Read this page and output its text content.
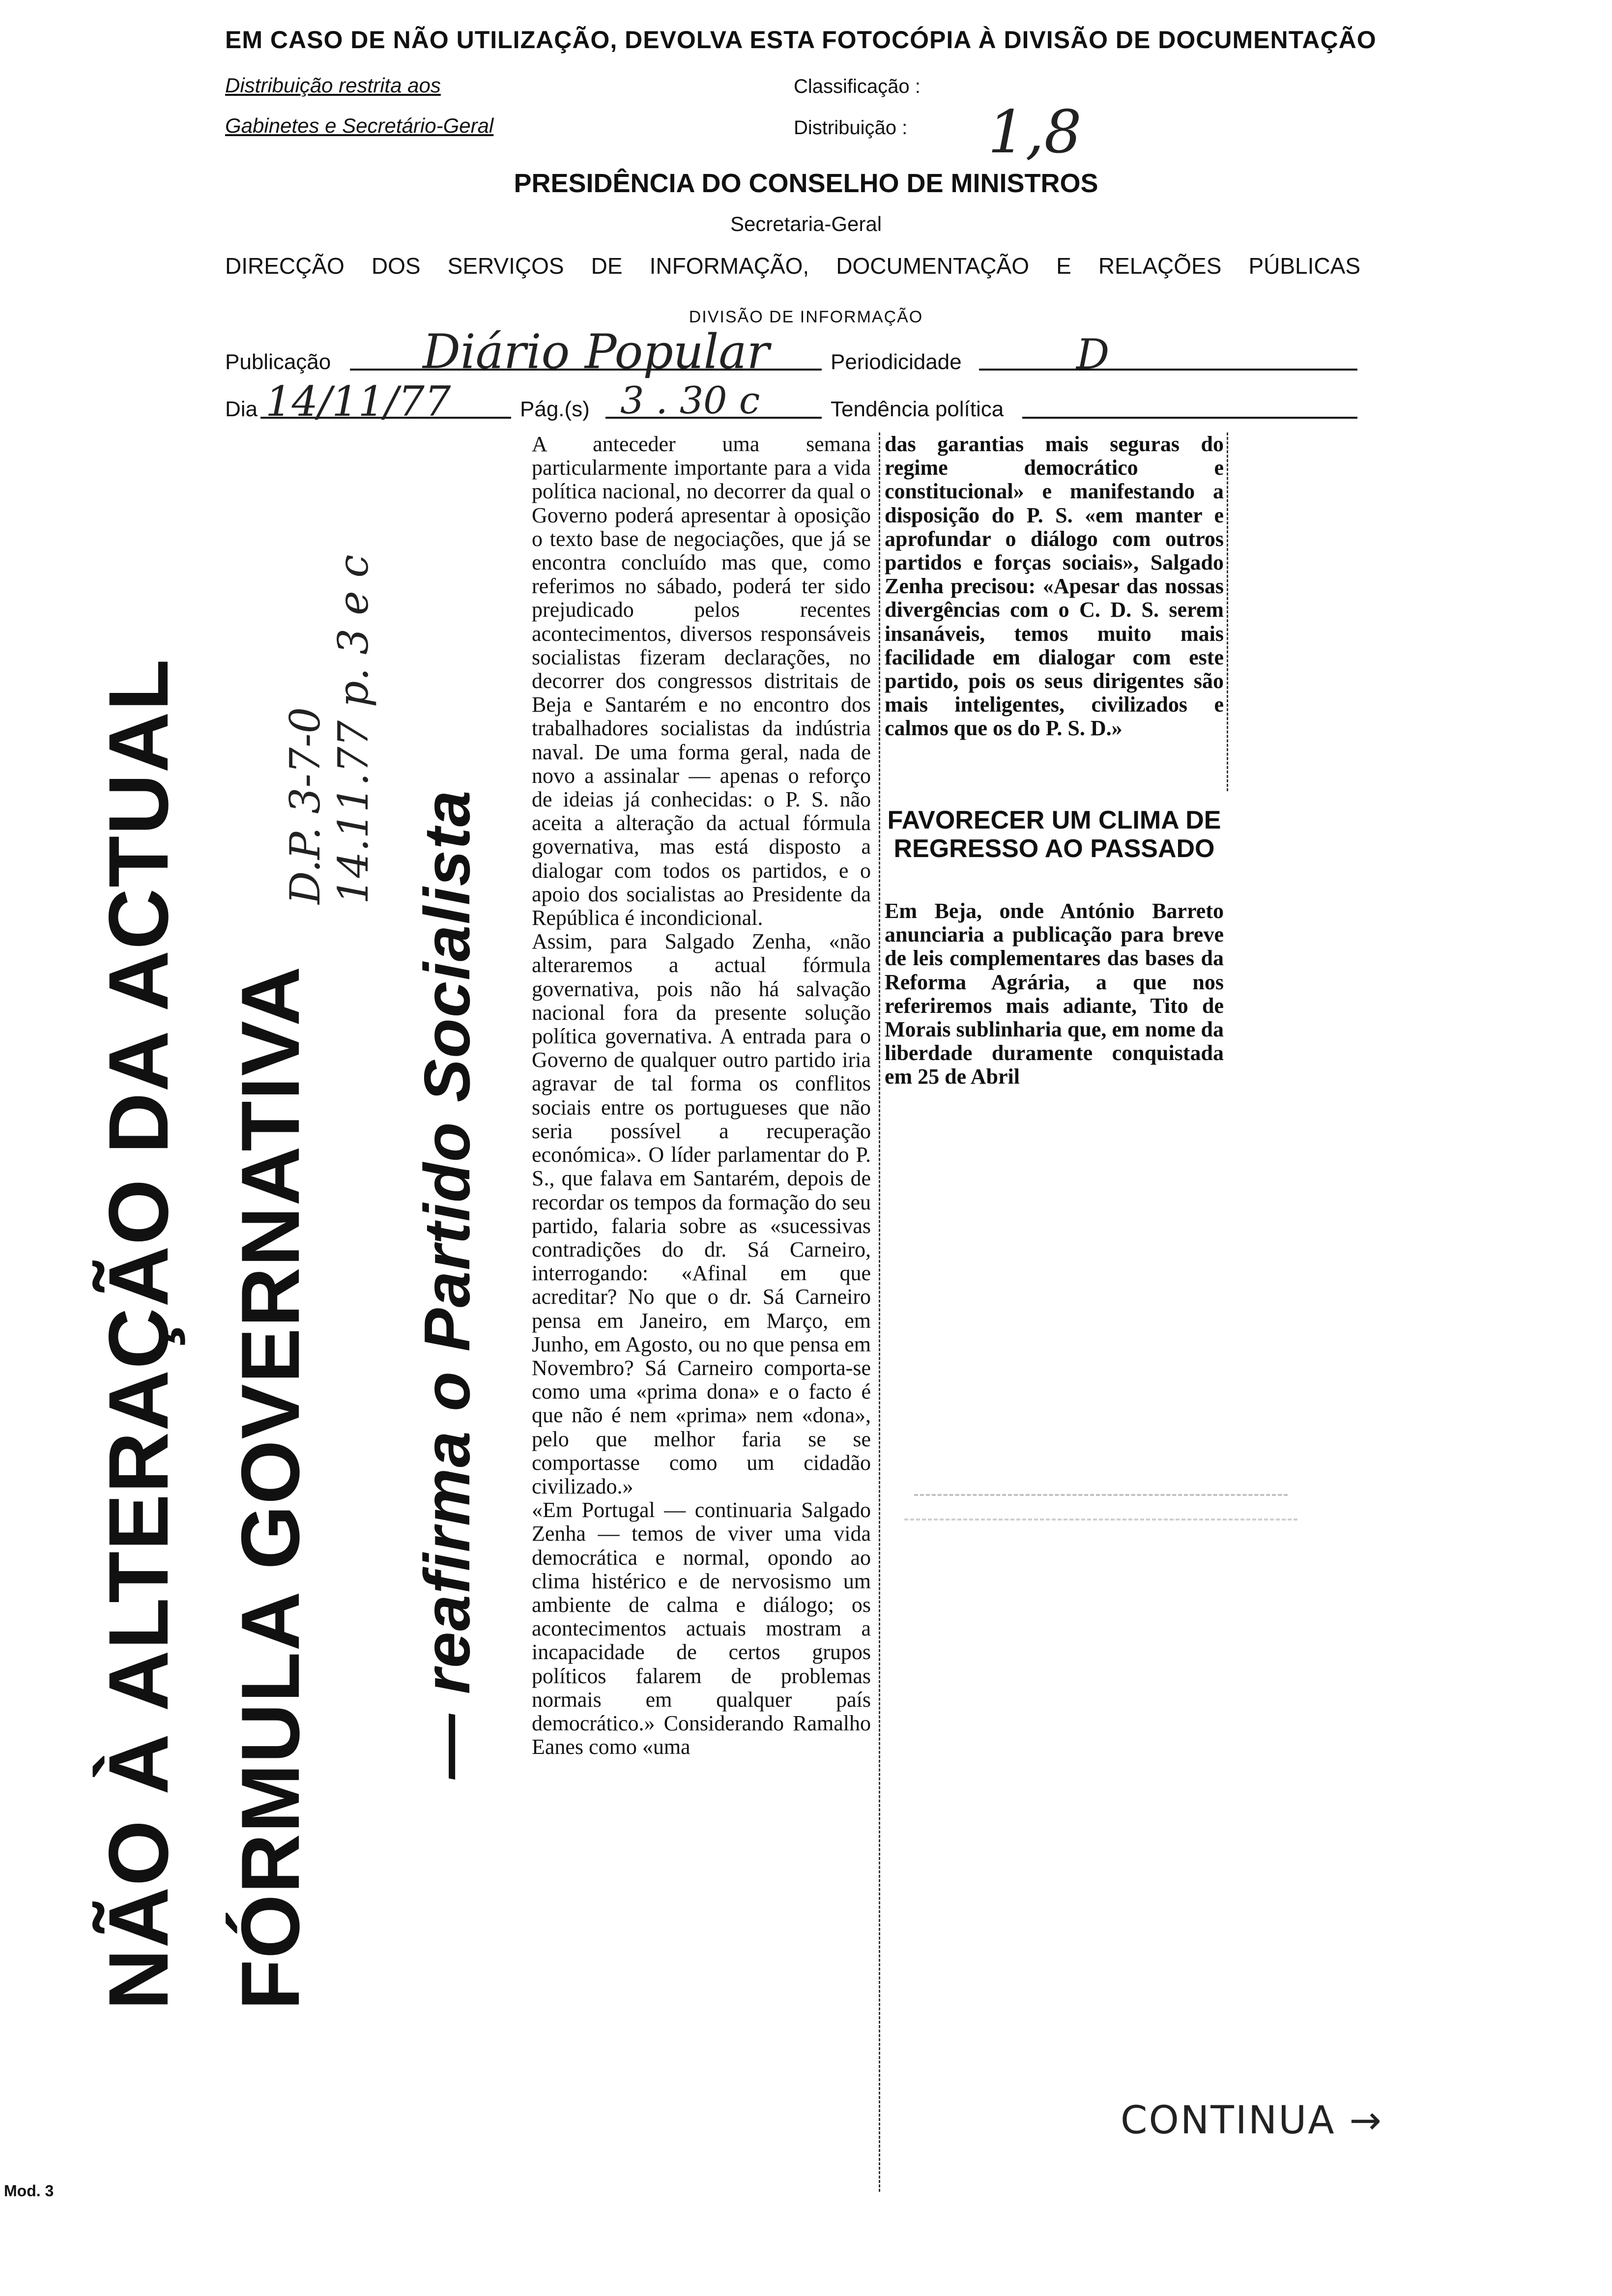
EM CASO DE NÃO UTILIZAÇÃO, DEVOLVA ESTA FOTOCÓPIA À DIVISÃO DE DOCUMENTAÇÃO
Distribuição restrita aos
Gabinetes e Secretário-Geral
Classificação :
Distribuição : 1,8
PRESIDÊNCIA DO CONSELHO DE MINISTROS
Secretaria-Geral
DIRECÇÃO DOS SERVIÇOS DE INFORMAÇÃO, DOCUMENTAÇÃO E RELAÇÕES PÚBLICAS
DIVISÃO DE INFORMAÇÃO
Publicação Diário Popular	Periodicidade	D
Dia 14/11/77	Pág.(s) 3 . 30 c	Tendência política
NÃO À ALTERAÇÃO DA ACTUAL FÓRMULA GOVERNATIVA — reafirma o Partido Socialista
D.P. 3-7-0 14.11.77 p. 3 e c
A anteceder uma semana particularmente importante para a vida política nacional, no decorrer da qual o Governo poderá apresentar à oposição o texto base de negociações, que já se encontra concluído mas que, como referimos no sábado, poderá ter sido prejudicado pelos recentes acontecimentos, diversos responsáveis socialistas fizeram declarações, no decorrer dos congressos distritais de Beja e Santarém e no encontro dos trabalhadores socialistas da indústria naval. De uma forma geral, nada de novo a assinalar — apenas o reforço de ideias já conhecidas: o P. S. não aceita a alteração da actual fórmula governativa, mas está disposto a dialogar com todos os partidos, e o apoio dos socialistas ao Presidente da República é incondicional.
Assim, para Salgado Zenha, «não alteraremos a actual fórmula governativa, pois não há salvação nacional fora da presente solução política governativa. A entrada para o Governo de qualquer outro partido iria agravar de tal forma os conflitos sociais entre os portugueses que não seria possível a recuperação económica». O líder parlamentar do P. S., que falava em Santarém, depois de recordar os tempos da formação do seu partido, falaria sobre as «sucessivas contradições do dr. Sá Carneiro, interrogando: «Afinal em que acreditar? No que o dr. Sá Carneiro pensa em Janeiro, em Março, em Junho, em Agosto, ou no que pensa em Novembro? Sá Carneiro comporta-se como uma «prima dona» e o facto é que não é nem «prima» nem «dona», pelo que melhor faria se se comportasse como um cidadão civilizado.»
«Em Portugal — continuaria Salgado Zenha — temos de viver uma vida democrática e normal, opondo ao clima histérico e de nervosismo um ambiente de calma e diálogo; os acontecimentos actuais mostram a incapacidade de certos grupos políticos falarem de problemas normais em qualquer país democrático.» Considerando Ramalho Eanes como «uma
das garantias mais seguras do regime democrático e constitucional» e manifestando a disposição do P. S. «em manter e aprofundar o diálogo com outros partidos e forças sociais», Salgado Zenha precisou: «Apesar das nossas divergências com o C. D. S. serem insanáveis, temos muito mais facilidade em dialogar com este partido, pois os seus dirigentes são mais inteligentes, civilizados e calmos que os do P. S. D.»
FAVORECER UM CLIMA DE REGRESSO AO PASSADO
Em Beja, onde António Barreto anunciaria a publicação para breve de leis complementares das bases da Reforma Agrária, a que nos referiremos mais adiante, Tito de Morais sublinharia que, em nome da liberdade duramente conquistada em 25 de Abril
CONTINUA →
Mod. 3
